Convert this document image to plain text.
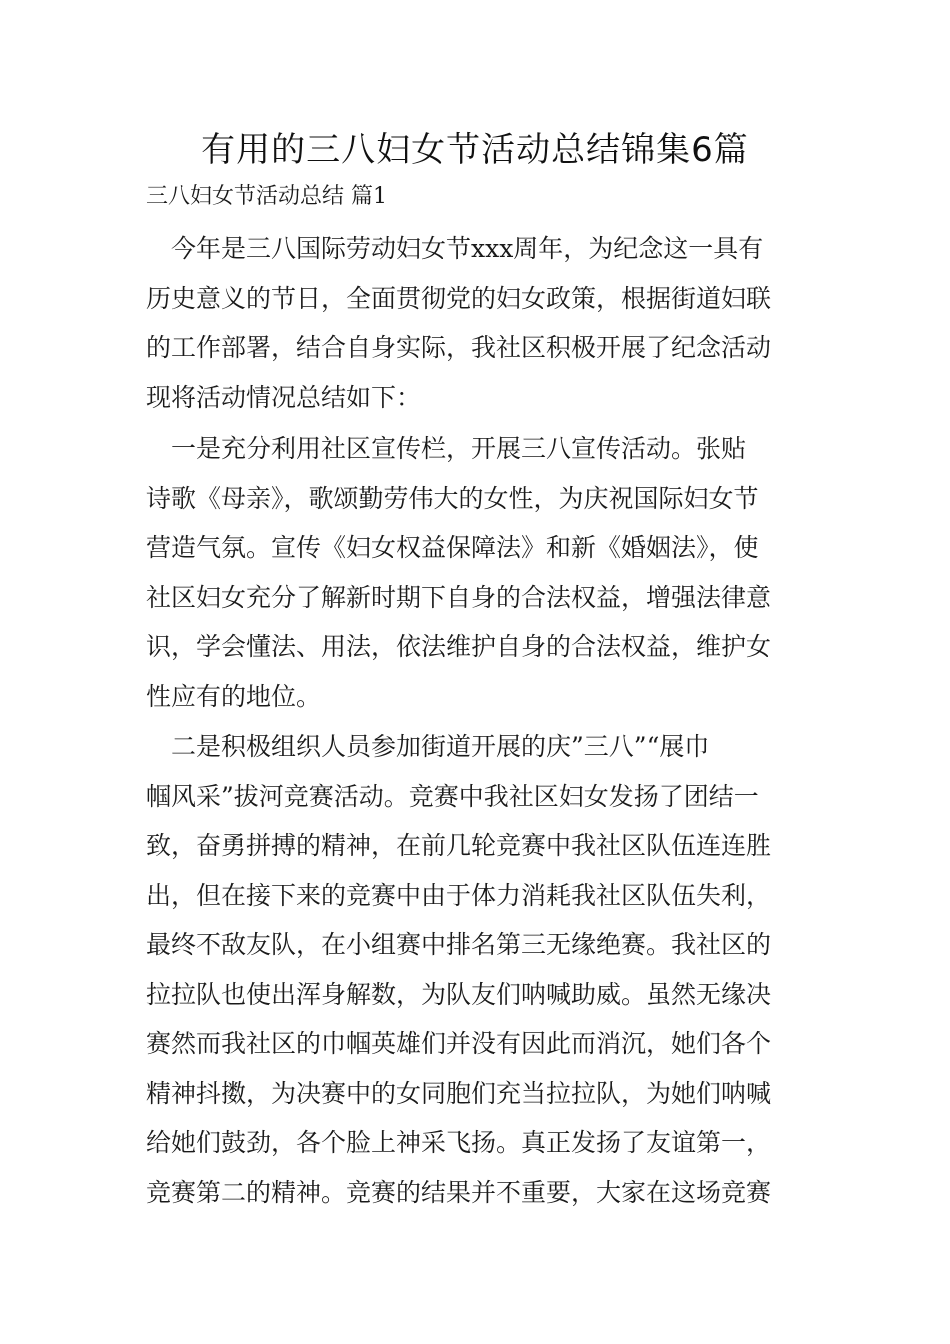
有用的三八妇女节活动总结锦集6篇
三八妇女节活动总结 篇1
　今年是三八国际劳动妇女节xxx周年，为纪念这一具有
历史意义的节日，全面贯彻党的妇女政策，根据街道妇联
的工作部署，结合自身实际，我社区积极开展了纪念活动
现将活动情况总结如下：
　一是充分利用社区宣传栏，开展三八宣传活动。张贴
诗歌《母亲》，歌颂勤劳伟大的女性，为庆祝国际妇女节
营造气氛。宣传《妇女权益保障法》和新《婚姻法》，使
社区妇女充分了解新时期下自身的合法权益，增强法律意
识，学会懂法、用法，依法维护自身的合法权益，维护女
性应有的地位。
　二是积极组织人员参加街道开展的庆”三八”“展巾
帼风采”拔河竞赛活动。竞赛中我社区妇女发扬了团结一
致，奋勇拼搏的精神，在前几轮竞赛中我社区队伍连连胜
出，但在接下来的竞赛中由于体力消耗我社区队伍失利，
最终不敌友队，在小组赛中排名第三无缘绝赛。我社区的
拉拉队也使出浑身解数，为队友们呐喊助威。虽然无缘决
赛然而我社区的巾帼英雄们并没有因此而消沉，她们各个
精神抖擞，为决赛中的女同胞们充当拉拉队，为她们呐喊
给她们鼓劲，各个脸上神采飞扬。真正发扬了友谊第一，
竞赛第二的精神。竞赛的结果并不重要，大家在这场竞赛
